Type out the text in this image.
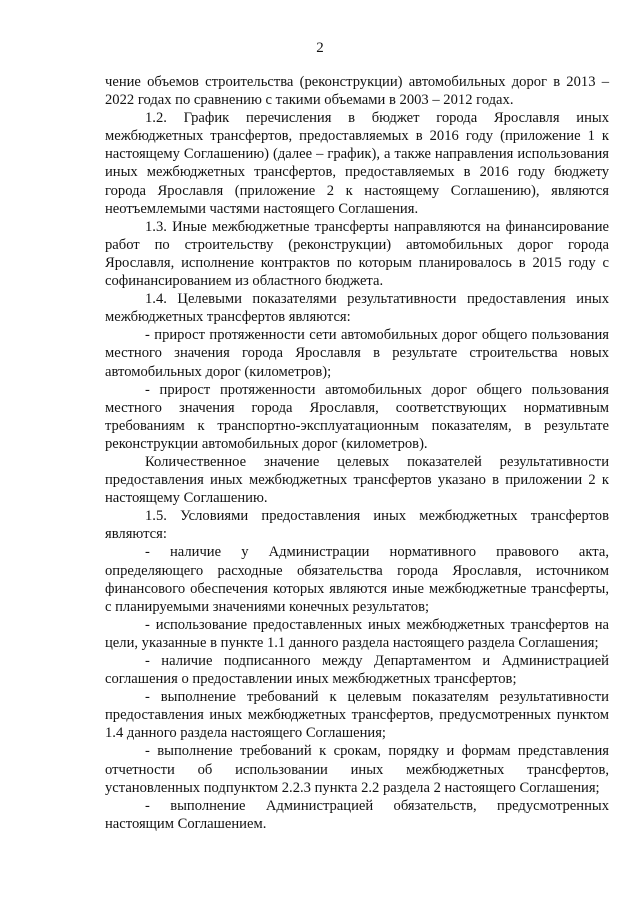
2

чение объемов строительства (реконструкции) автомобильных дорог в 2013 –2022 годах по сравнению с такими объемами в 2003 – 2012 годах.

1.2. График перечисления в бюджет города Ярославля иных межбюджетных трансфертов, предоставляемых в 2016 году (приложение 1 к настоящему Соглашению) (далее – график), а также направления использования иных межбюджетных трансфертов, предоставляемых в 2016 году бюджету города Ярославля (приложение 2 к настоящему Соглашению), являются неотъемлемыми частями настоящего Соглашения.

1.3. Иные межбюджетные трансферты направляются на финансирование работ по строительству (реконструкции) автомобильных дорог города Ярославля, исполнение контрактов по которым планировалось в 2015 году с софинансированием из областного бюджета.

1.4. Целевыми показателями результативности предоставления иных межбюджетных трансфертов являются:

- прирост протяженности сети автомобильных дорог общего пользования местного значения города Ярославля в результате строительства новых автомобильных дорог (километров);

- прирост протяженности автомобильных дорог общего пользования местного значения города Ярославля, соответствующих нормативным требованиям к транспортно-эксплуатационным показателям, в результате реконструкции автомобильных дорог (километров).

Количественное значение целевых показателей результативности предоставления иных межбюджетных трансфертов указано в приложении 2 к настоящему Соглашению.

1.5. Условиями предоставления иных межбюджетных трансфертов являются:

- наличие у Администрации нормативного правового акта, определяющего расходные обязательства города Ярославля, источником финансового обеспечения которых являются иные межбюджетные трансферты, с планируемыми значениями конечных результатов;

- использование предоставленных иных межбюджетных трансфертов на цели, указанные в пункте 1.1 данного раздела настоящего раздела Соглашения;

- наличие подписанного между Департаментом и Администрацией соглашения о предоставлении иных межбюджетных трансфертов;

- выполнение требований к целевым показателям результативности предоставления иных межбюджетных трансфертов, предусмотренных пунктом 1.4 данного раздела настоящего Соглашения;

- выполнение требований к срокам, порядку и формам представления отчетности об использовании иных межбюджетных трансфертов, установленных подпунктом 2.2.3 пункта 2.2 раздела 2 настоящего Соглашения;

- выполнение Администрацией обязательств, предусмотренных настоящим Соглашением.
